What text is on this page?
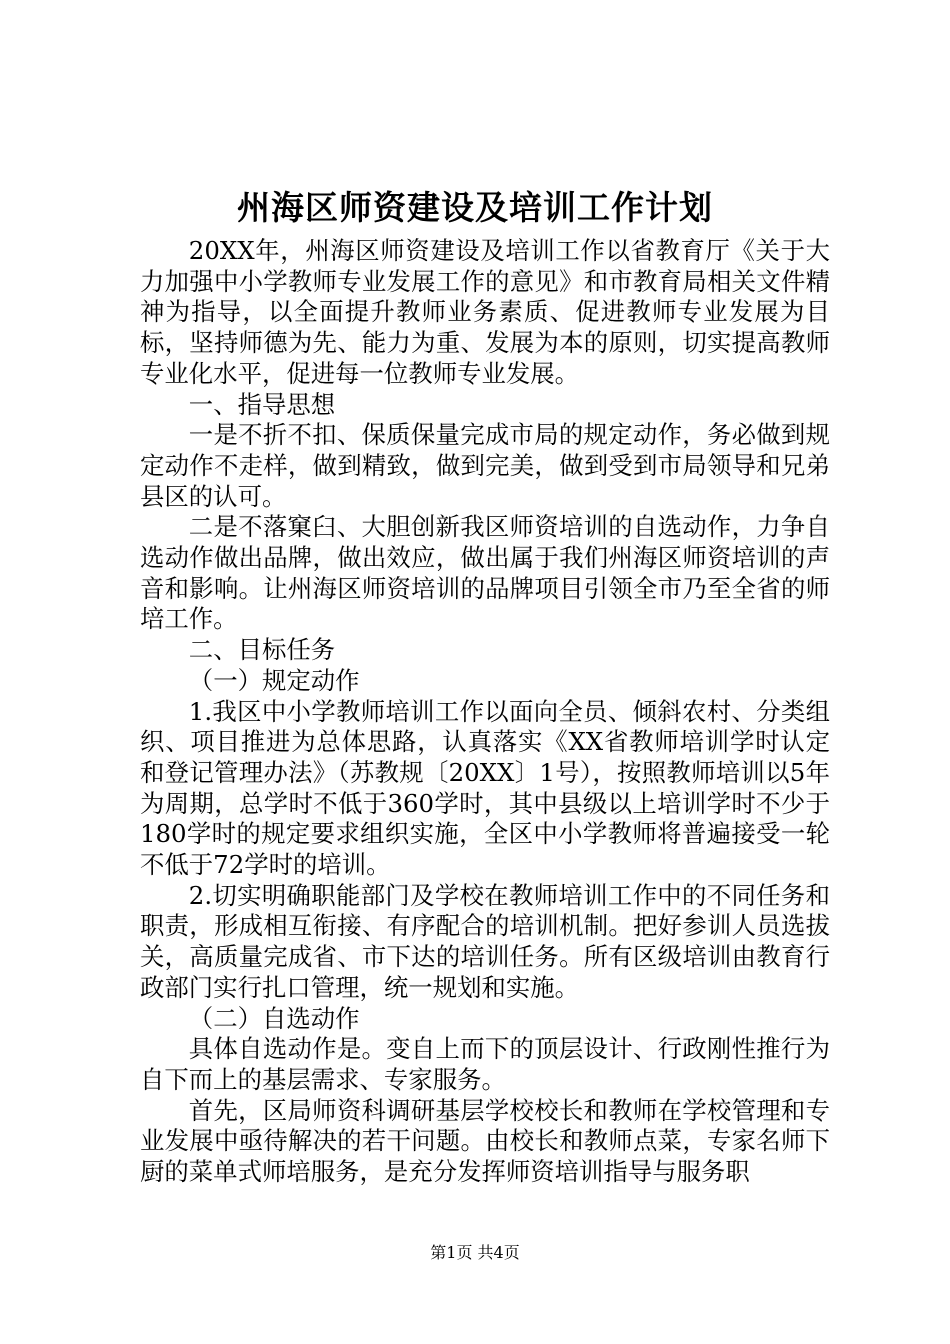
州海区师资建设及培训工作计划

20XX年，州海区师资建设及培训工作以省教育厅《关于大力加强中小学教师专业发展工作的意见》和市教育局相关文件精神为指导，以全面提升教师业务素质、促进教师专业发展为目标，坚持师德为先、能力为重、发展为本的原则，切实提高教师专业化水平，促进每一位教师专业发展。

一、指导思想

一是不折不扣、保质保量完成市局的规定动作，务必做到规定动作不走样，做到精致，做到完美，做到受到市局领导和兄弟县区的认可。

二是不落窠臼、大胆创新我区师资培训的自选动作，力争自选动作做出品牌，做出效应，做出属于我们州海区师资培训的声音和影响。让州海区师资培训的品牌项目引领全市乃至全省的师培工作。

二、目标任务

（一）规定动作

1.我区中小学教师培训工作以面向全员、倾斜农村、分类组织、项目推进为总体思路，认真落实《XX省教师培训学时认定和登记管理办法》（苏教规〔20XX〕1号），按照教师培训以5年为周期，总学时不低于360学时，其中县级以上培训学时不少于180学时的规定要求组织实施，全区中小学教师将普遍接受一轮不低于72学时的培训。

2.切实明确职能部门及学校在教师培训工作中的不同任务和职责，形成相互衔接、有序配合的培训机制。把好参训人员选拔关，高质量完成省、市下达的培训任务。所有区级培训由教育行政部门实行扎口管理，统一规划和实施。

（二）自选动作

具体自选动作是。变自上而下的顶层设计、行政刚性推行为自下而上的基层需求、专家服务。

首先，区局师资科调研基层学校校长和教师在学校管理和专业发展中亟待解决的若干问题。由校长和教师点菜，专家名师下厨的菜单式师培服务，是充分发挥师资培训指导与服务职

第1页 共4页
